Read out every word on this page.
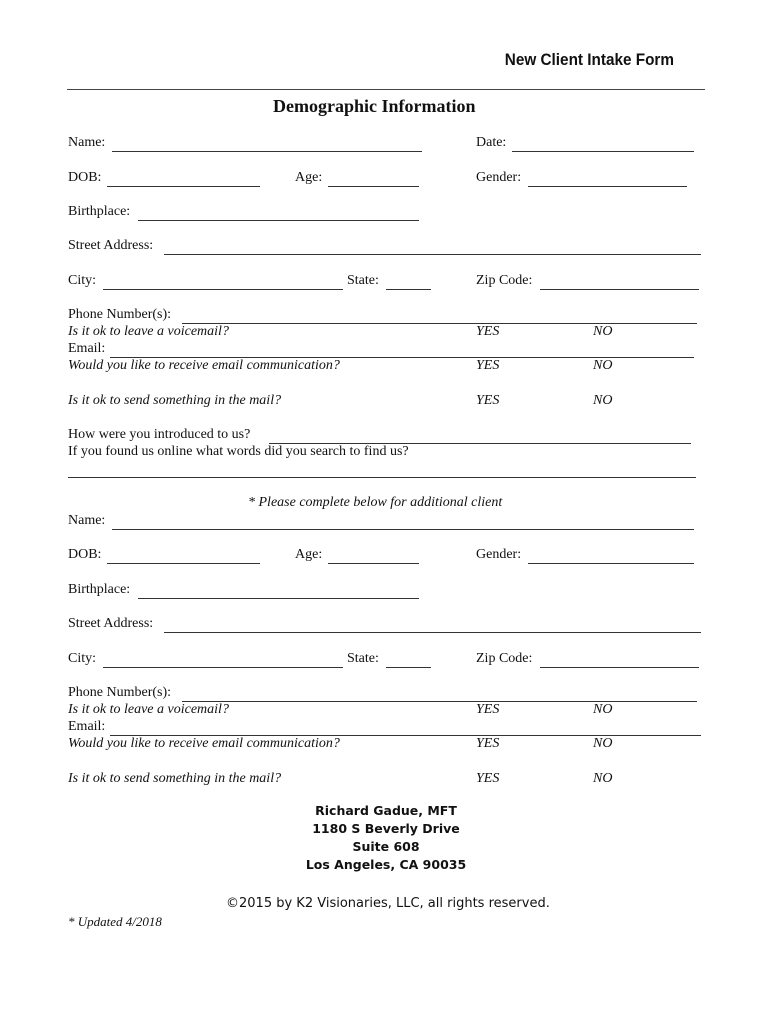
New Client Intake Form
Demographic Information
Name:	Date:
DOB:	Age:	Gender:
Birthplace:
Street Address:
City:	State:	Zip Code:
Phone Number(s):
Is it ok to leave a voicemail?	YES	NO
Email:
Would you like to receive email communication?	YES	NO
Is it ok to send something in the mail?	YES	NO
How were you introduced to us?
If you found us online what words did you search to find us?
* Please complete below for additional client
Name:
DOB:	Age:	Gender:
Birthplace:
Street Address:
City:	State:	Zip Code:
Phone Number(s):
Is it ok to leave a voicemail?	YES	NO
Email:
Would you like to receive email communication?	YES	NO
Is it ok to send something in the mail?	YES	NO
Richard Gadue, MFT
1180 S Beverly Drive
Suite 608
Los Angeles, CA 90035
©2015 by K2 Visionaries, LLC, all rights reserved.
* Updated 4/2018
